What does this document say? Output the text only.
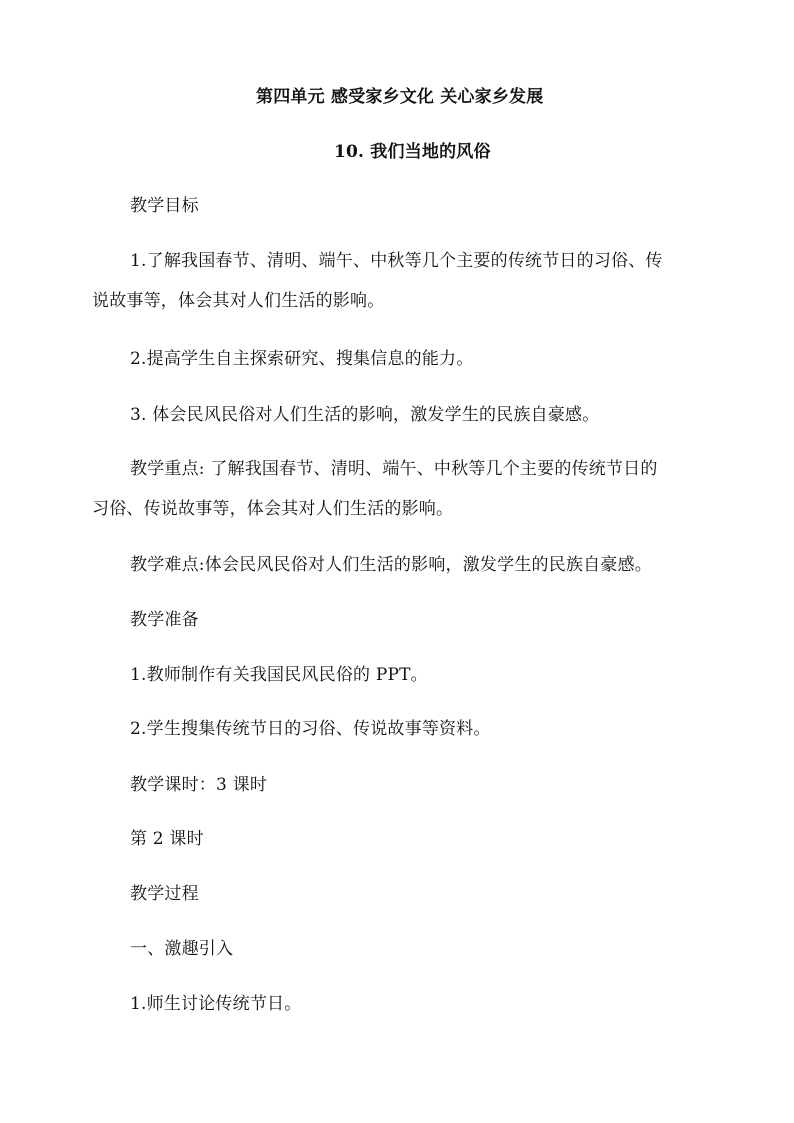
第四单元 感受家乡文化 关心家乡发展
10. 我们当地的风俗
教学目标
1.了解我国春节、清明、端午、中秋等几个主要的传统节日的习俗、传
说故事等，体会其对人们生活的影响。
2.提高学生自主探索研究、搜集信息的能力。
3. 体会民风民俗对人们生活的影响，激发学生的民族自豪感。
教学重点: 了解我国春节、清明、端午、中秋等几个主要的传统节日的
习俗、传说故事等，体会其对人们生活的影响。
教学难点:体会民风民俗对人们生活的影响，激发学生的民族自豪感。
教学准备
1.教师制作有关我国民风民俗的 PPT。
2.学生搜集传统节日的习俗、传说故事等资料。
教学课时：3 课时
第 2 课时
教学过程
一、激趣引入
1.师生讨论传统节日。
